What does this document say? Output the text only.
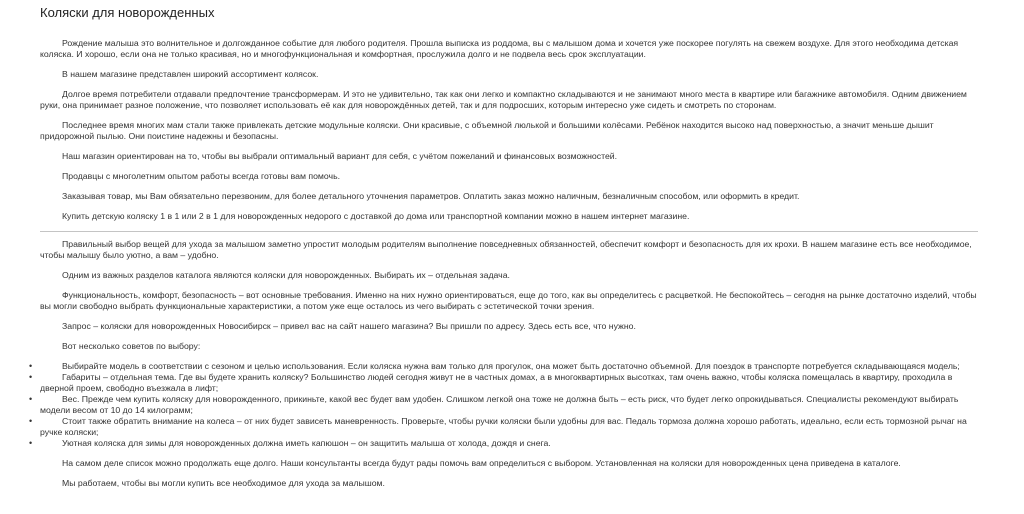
Коляски для новорожденных

Рождение малыша это волнительное и долгожданное событие для любого родителя. Прошла выписка из роддома, вы с малышом дома и хочется уже поскорее погулять на свежем воздухе. Для этого необходима детская коляска. И хорошо, если она не только красивая, но и многофункциональная и комфортная, прослужила долго и не подвела весь срок эксплуатации.

В нашем магазине представлен широкий ассортимент колясок.

Долгое время потребители отдавали предпочтение трансформерам. И это не удивительно, так как они легко и компактно складываются и не занимают много места в квартире или багажнике автомобиля. Одним движением руки, она принимает разное положение, что позволяет использовать её как для новорождённых детей, так и для подросших, которым интересно уже сидеть и смотреть по сторонам.

Последнее время многих мам стали также привлекать детские модульные коляски. Они красивые, с объемной люлькой и большими колёсами. Ребёнок находится высоко над поверхностью, а значит меньше дышит придорожной пылью. Они поистине надежны и безопасны.

Наш магазин ориентирован на то, чтобы вы выбрали оптимальный вариант для себя, с учётом пожеланий и финансовых возможностей.

Продавцы с многолетним опытом работы всегда готовы вам помочь.

Заказывая товар, мы Вам обязательно перезвоним, для более детального уточнения параметров. Оплатить заказ можно наличным, безналичным способом, или оформить в кредит.

Купить детскую коляску 1 в 1 или 2 в 1 для новорожденных недорого с доставкой до дома или транспортной компании можно в нашем интернет магазине.

Правильный выбор вещей для ухода за малышом заметно упростит молодым родителям выполнение повседневных обязанностей, обеспечит комфорт и безопасность для их крохи. В нашем магазине есть все необходимое, чтобы малышу было уютно, а вам – удобно.

Одним из важных разделов каталога являются коляски для новорожденных. Выбирать их – отдельная задача.

Функциональность, комфорт, безопасность – вот основные требования. Именно на них нужно ориентироваться, еще до того, как вы определитесь с расцветкой. Не беспокойтесь – сегодня на рынке достаточно изделий, чтобы вы могли свободно выбрать функциональные характеристики, а потом уже еще осталось из чего выбирать с эстетической точки зрения.

Запрос – коляски для новорожденных Новосибирск – привел вас на сайт нашего магазина? Вы пришли по адресу. Здесь есть все, что нужно.

Вот несколько советов по выбору:

•	Выбирайте модель в соответствии с сезоном и целью использования. Если коляска нужна вам только для прогулок, она может быть достаточно объемной. Для поездок в транспорте потребуется складывающаяся модель;
•	Габариты – отдельная тема. Где вы будете хранить коляску? Большинство людей сегодня живут не в частных домах, а в многоквартирных высотках, там очень важно, чтобы коляска помещалась в квартиру, проходила в дверной проем, свободно въезжала в лифт;
•	Вес. Прежде чем купить коляску для новорожденного, прикиньте, какой вес будет вам удобен. Слишком легкой она тоже не должна быть – есть риск, что будет легко опрокидываться. Специалисты рекомендуют выбирать модели весом от 10 до 14 килограмм;
•	Стоит также обратить внимание на колеса – от них будет зависеть маневренность. Проверьте, чтобы ручки коляски были удобны для вас. Педаль тормоза должна хорошо работать, идеально, если есть тормозной рычаг на ручке коляски;
•	Уютная коляска для зимы для новорожденных должна иметь капюшон – он защитить малыша от холода, дождя и снега.

На самом деле список можно продолжать еще долго. Наши консультанты всегда будут рады помочь вам определиться с выбором. Установленная на коляски для новорожденных цена приведена в каталоге.

Мы работаем, чтобы вы могли купить все необходимое для ухода за малышом.
